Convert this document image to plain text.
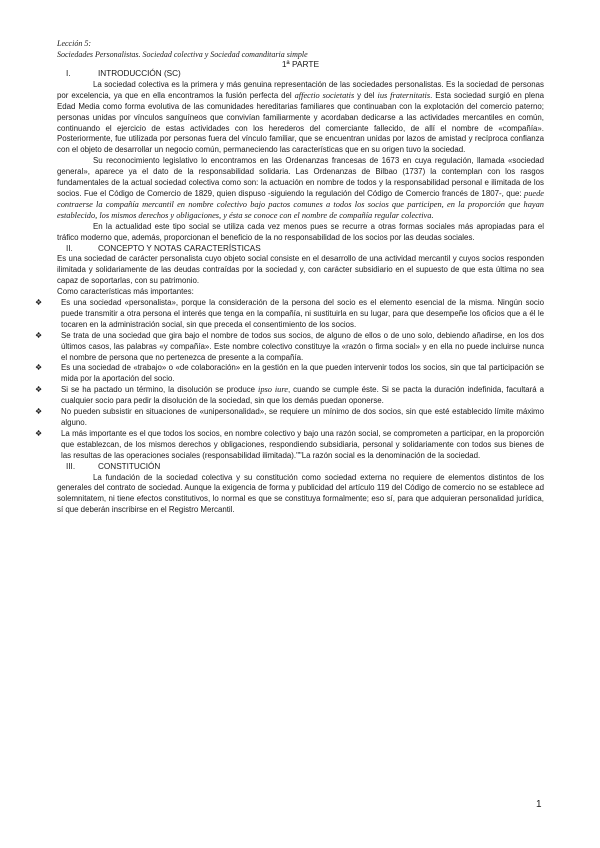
Lección 5:
Sociedades Personalistas. Sociedad colectiva y Sociedad comanditaria simple
1ª PARTE
I.	INTRODUCCIÓN (SC)

La sociedad colectiva es la primera y más genuina representación de las sociedades personalistas. Es la sociedad de personas por excelencia, ya que en ella encontramos la fusión perfecta del affectio societatis y del ius fraternitatis. Esta sociedad surgió en plena Edad Media como forma evolutiva de las comunidades hereditarias familiares que continuaban con la explotación del comercio paterno; personas unidas por vínculos sanguíneos que convivían familiarmente y acordaban dedicarse a las actividades mercantiles en común, continuando el ejercicio de estas actividades con los herederos del comerciante fallecido, de allí el nombre de «compañía». Posteriormente, fue utilizada por personas fuera del vínculo familiar, que se encuentran unidas por lazos de amistad y recíproca confianza con el objeto de desarrollar un negocio común, permaneciendo las características que en su origen tuvo la sociedad.

Su reconocimiento legislativo lo encontramos en las Ordenanzas francesas de 1673 en cuya regulación, llamada «sociedad general», aparece ya el dato de la responsabilidad solidaria. Las Ordenanzas de Bilbao (1737) la contemplan con los rasgos fundamentales de la actual sociedad colectiva como son: la actuación en nombre de todos y la responsabilidad personal e ilimitada de los socios. Fue el Código de Comercio de 1829, quien dispuso -siguiendo la regulación del Código de Comercio francés de 1807-, que: puede contraerse la compañía mercantil en nombre colectivo bajo pactos comunes a todos los socios que participen, en la proporción que hayan establecido, los mismos derechos y obligaciones, y ésta se conoce con el nombre de compañía regular colectiva.

En la actualidad este tipo social se utiliza cada vez menos pues se recurre a otras formas sociales más apropiadas para el tráfico moderno que, además, proporcionan el beneficio de la no responsabilidad de los socios por las deudas sociales.

II.	CONCEPTO Y NOTAS CARACTERÍSTICAS

Es una sociedad de carácter personalista cuyo objeto social consiste en el desarrollo de una actividad mercantil y cuyos socios responden ilimitada y solidariamente de las deudas contraídas por la sociedad y, con carácter subsidiario en el supuesto de que esta última no sea capaz de soportarlas, con su patrimonio.

Como características más importantes:

❖ Es una sociedad «personalista», porque la consideración de la persona del socio es el elemento esencial de la misma. Ningún socio puede transmitir a otra persona el interés que tenga en la compañía, ni sustituirla en su lugar, para que desempeñe los oficios que a él le tocaren en la administración social, sin que preceda el consentimiento de los socios.
❖ Se trata de una sociedad que gira bajo el nombre de todos sus socios, de alguno de ellos o de uno solo, debiendo añadirse, en los dos últimos casos, las palabras «y compañía». Este nombre colectivo constituye la «razón o firma social» y en ella no puede incluirse nunca el nombre de persona que no pertenezca de presente a la compañía.
❖ Es una sociedad de «trabajo» o «de colaboración» en la gestión en la que pueden intervenir todos los socios, sin que tal participación se mida por la aportación del socio.
❖ Si se ha pactado un término, la disolución se produce ipso iure, cuando se cumple éste. Si se pacta la duración indefinida, facultará a cualquier socio para pedir la disolución de la sociedad, sin que los demás puedan oponerse.
❖ No pueden subsistir en situaciones de «unipersonalidad», se requiere un mínimo de dos socios, sin que esté establecido límite máximo alguno.
❖ La más importante es el que todos los socios, en nombre colectivo y bajo una razón social, se comprometen a participar, en la proporción que establezcan, de los mismos derechos y obligaciones, respondiendo subsidiaria, personal y solidariamente con todos sus bienes de las resultas de las operaciones sociales (responsabilidad ilimitada).""La razón social es la denominación de la sociedad.
III.	CONSTITUCIÓN

La fundación de la sociedad colectiva y su constitución como sociedad externa no requiere de elementos distintos de los generales del contrato de sociedad. Aunque la exigencia de forma y publicidad del artículo 119 del Código de comercio no se establece ad solemnitatem, ni tiene efectos constitutivos, lo normal es que se constituya formalmente; eso sí, para que adquieran personalidad jurídica, sí que deberán inscribirse en el Registro Mercantil.

1
